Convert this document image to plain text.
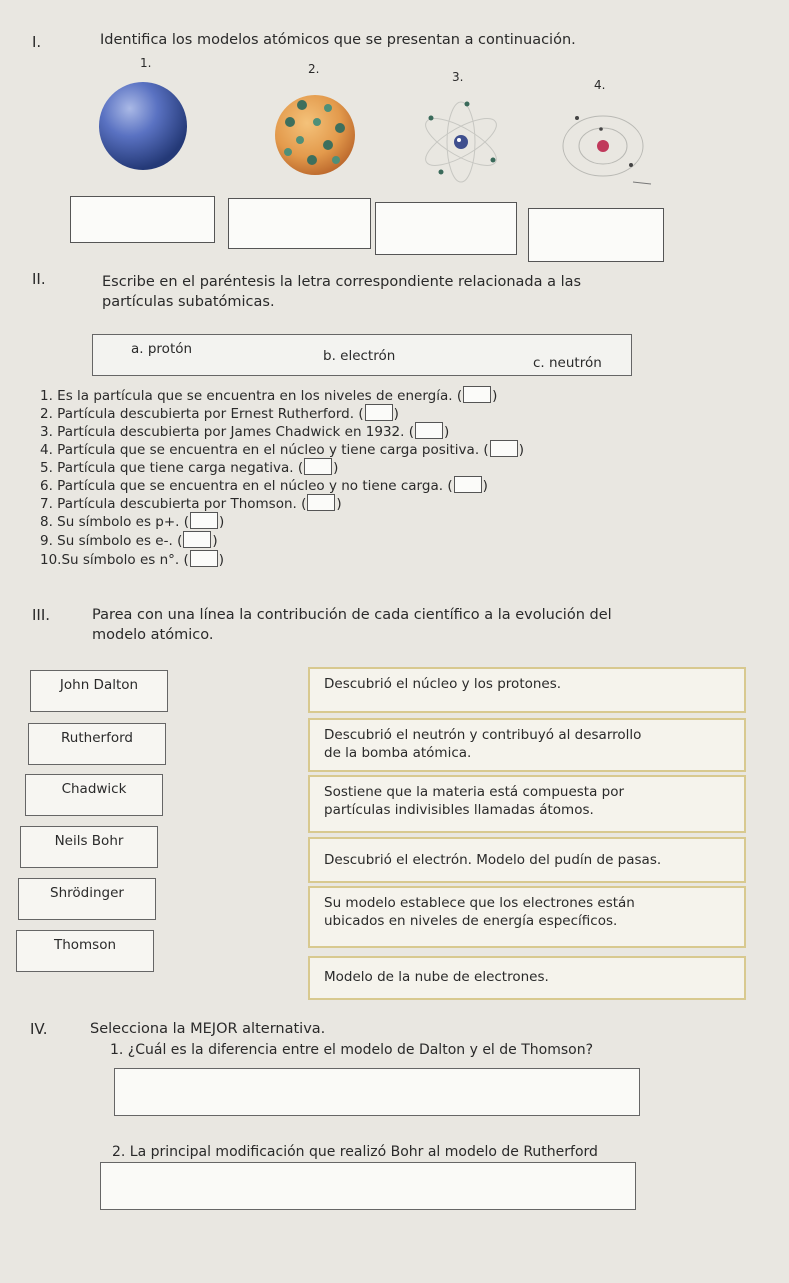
I.	Identifica los modelos atómicos que se presentan a continuación.
1.	2.
3.
4.
II.	Escribe en el paréntesis la letra correspondiente relacionada a las
partículas subatómicas.
a. protón	b. electrón	c. neutrón
1. Es la partícula que se encuentra en los niveles de energía. ( )
2. Partícula descubierta por Ernest Rutherford. ( )
3. Partícula descubierta por James Chadwick en 1932. ( )
4. Partícula que se encuentra en el núcleo y tiene carga positiva. ( )
5. Partícula que tiene carga negativa. ( )
6. Partícula que se encuentra en el núcleo y no tiene carga. ( )
7. Partícula descubierta por Thomson. ( )
8. Su símbolo es p+. ( )
9. Su símbolo es e-. ( )
10.Su símbolo es n°. ( )
III.	Parea con una línea la contribución de cada científico a la evolución del
modelo atómico.
John Dalton
Rutherford
Chadwick
Neils Bohr
Shrödinger
Thomson
Descubrió el núcleo y los protones.
Descubrió el neutrón y contribuyó al desarrollo
de la bomba atómica.
Sostiene que la materia está compuesta por
partículas indivisibles llamadas átomos.
Descubrió el electrón. Modelo del pudín de pasas.
Su modelo establece que los electrones están
ubicados en niveles de energía específicos.
Modelo de la nube de electrones.
IV.	Selecciona la MEJOR alternativa.
1. ¿Cuál es la diferencia entre el modelo de Dalton y el de Thomson?
2. La principal modificación que realizó Bohr al modelo de Rutherford
